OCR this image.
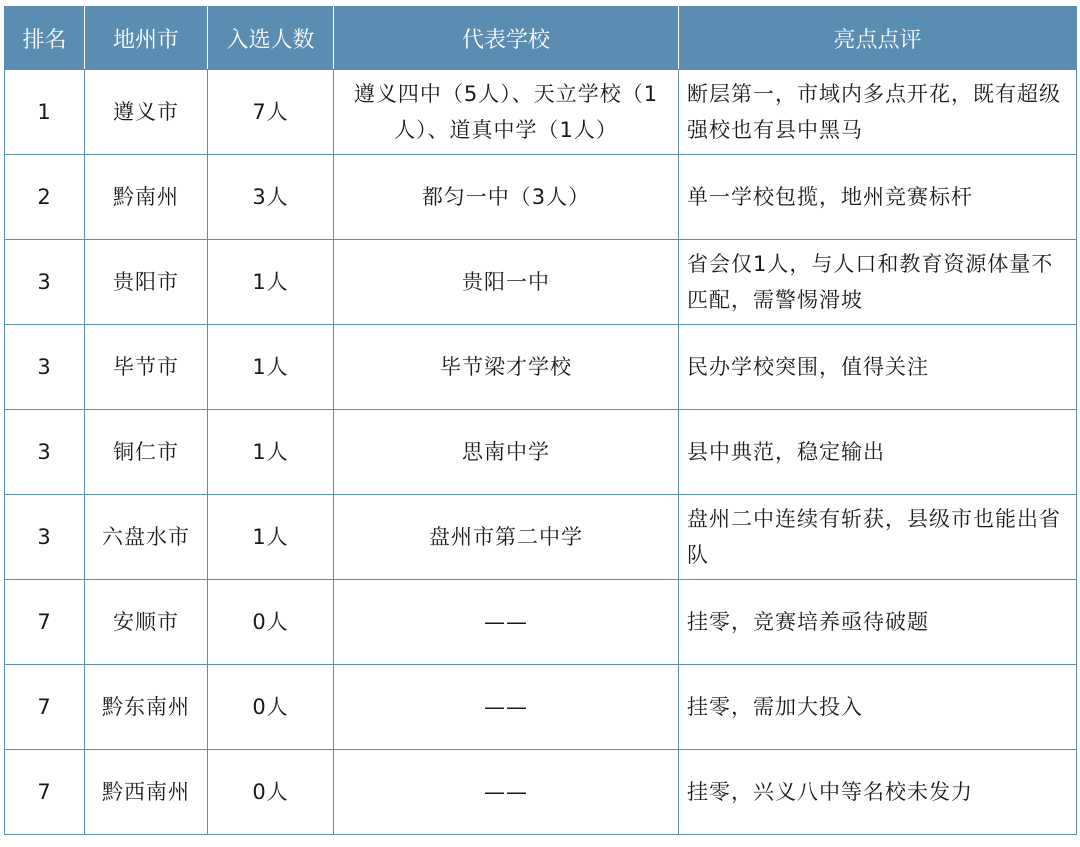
排名	地州市	入选人数	代表学校	亮点点评
1	遵义市	7人	遵义四中（5人）、天立学校（1人）、道真中学（1人）	断层第一，市域内多点开花，既有超级强校也有县中黑马
2	黔南州	3人	都匀一中（3人）	单一学校包揽，地州竞赛标杆
3	贵阳市	1人	贵阳一中	省会仅1人，与人口和教育资源体量不匹配，需警惕滑坡
3	毕节市	1人	毕节梁才学校	民办学校突围，值得关注
3	铜仁市	1人	思南中学	县中典范，稳定输出
3	六盘水市	1人	盘州市第二中学	盘州二中连续有斩获，县级市也能出省队
7	安顺市	0人	——	挂零，竞赛培养亟待破题
7	黔东南州	0人	——	挂零，需加大投入
7	黔西南州	0人	——	挂零，兴义八中等名校未发力
